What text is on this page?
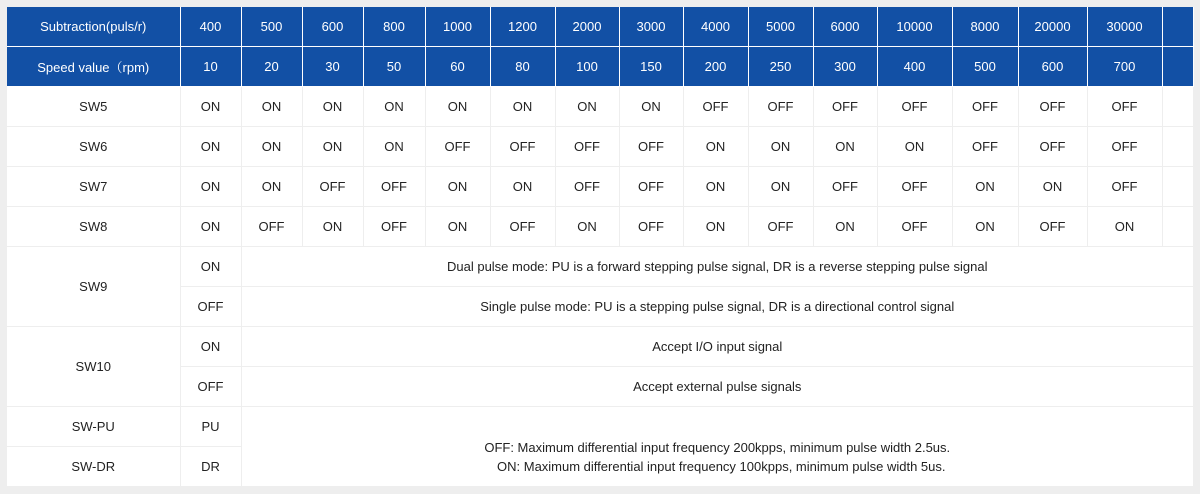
Subtraction(puls/r)	400	500	600	800	1000	1200	2000	3000	4000	5000	6000	10000	8000	20000	30000	
Speed value（rpm)	10	20	30	50	60	80	100	150	200	250	300	400	500	600	700	
SW5	ON	ON	ON	ON	ON	ON	ON	ON	OFF	OFF	OFF	OFF	OFF	OFF	OFF	
SW6	ON	ON	ON	ON	OFF	OFF	OFF	OFF	ON	ON	ON	ON	OFF	OFF	OFF	
SW7	ON	ON	OFF	OFF	ON	ON	OFF	OFF	ON	ON	OFF	OFF	ON	ON	OFF	
SW8	ON	OFF	ON	OFF	ON	OFF	ON	OFF	ON	OFF	ON	OFF	ON	OFF	ON	
SW9	ON	Dual pulse mode: PU is a forward stepping pulse signal, DR is a reverse stepping pulse signal														
	OFF	Single pulse mode: PU is a stepping pulse signal, DR is a directional control signal														
SW10	ON	Accept I/O input signal														
	OFF	Accept external pulse signals														
SW-PU	PU	OFF: Maximum differential input frequency 200kpps, minimum pulse width 2.5us.
ON: Maximum differential input frequency 100kpps, minimum pulse width 5us.														

SW-DR	DR															
